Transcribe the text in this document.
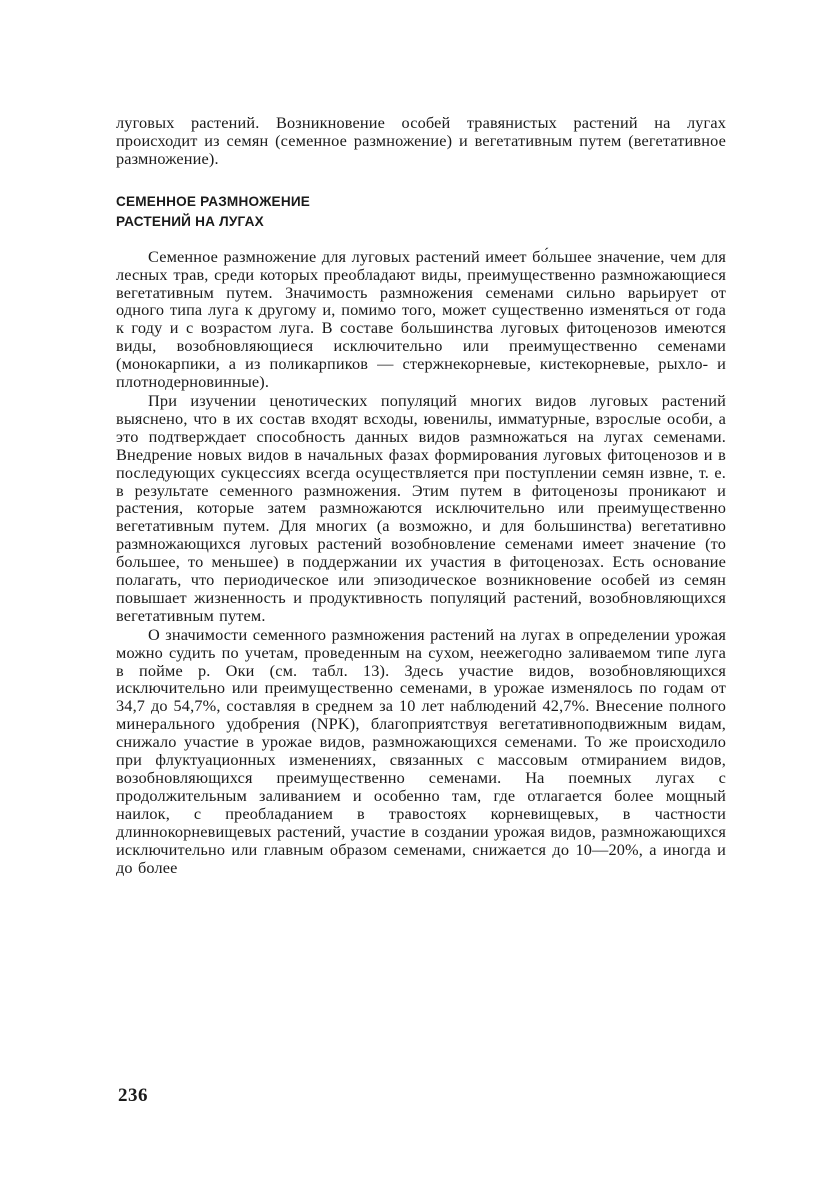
луговых растений. Возникновение особей травянистых растений на лугах происходит из семян (семенное размножение) и вегетативным путем (вегетативное размножение).

СЕМЕННОЕ РАЗМНОЖЕНИЕ

РАСТЕНИЙ НА ЛУГАХ

Семенное размножение для луговых растений имеет бо́льшее значение, чем для лесных трав, среди которых преобладают виды, преимущественно размножающиеся вегетативным путем. Значимость размножения семенами сильно варьирует от одного типа луга к другому и, помимо того, может существенно изменяться от года к году и с возрастом луга. В составе большинства луговых фитоценозов имеются виды, возобновляющиеся исключительно или преимущественно семенами (монокарпики, а из поликарпиков — стержнекорневые, кистекорневые, рыхло- и плотнодерновинные).

При изучении ценотических популяций многих видов луговых растений выяснено, что в их состав входят всходы, ювенилы, имматурные, взрослые особи, а это подтверждает способность данных видов размножаться на лугах семенами. Внедрение новых видов в начальных фазах формирования луговых фитоценозов и в последующих сукцессиях всегда осуществляется при поступлении семян извне, т. е. в результате семенного размножения. Этим путем в фитоценозы проникают и растения, которые затем размножаются исключительно или преимущественно вегетативным путем. Для многих (а возможно, и для большинства) вегетативно размножающихся луговых растений возобновление семенами имеет значение (то большее, то меньшее) в поддержании их участия в фитоценозах. Есть основание полагать, что периодическое или эпизодическое возникновение особей из семян повышает жизненность и продуктивность популяций растений, возобновляющихся вегетативным путем.

О значимости семенного размножения растений на лугах в определении урожая можно судить по учетам, проведенным на сухом, неежегодно заливаемом типе луга в пойме р. Оки (см. табл. 13). Здесь участие видов, возобновляющихся исключительно или преимущественно семенами, в урожае изменялось по годам от 34,7 до 54,7%, составляя в среднем за 10 лет наблюдений 42,7%. Внесение полного минерального удобрения (NPK), благоприятствуя вегетативноподвижным видам, снижало участие в урожае видов, размножающихся семенами. То же происходило при флуктуационных изменениях, связанных с массовым отмиранием видов, возобновляющихся преимущественно семенами. На поемных лугах с продолжительным заливанием и особенно там, где отлагается более мощный наилок, с преобладанием в травостоях корневищевых, в частности длиннокорневищевых растений, участие в создании урожая видов, размножающихся исключительно или главным образом семенами, снижается до 10—20%, а иногда и до более

236
